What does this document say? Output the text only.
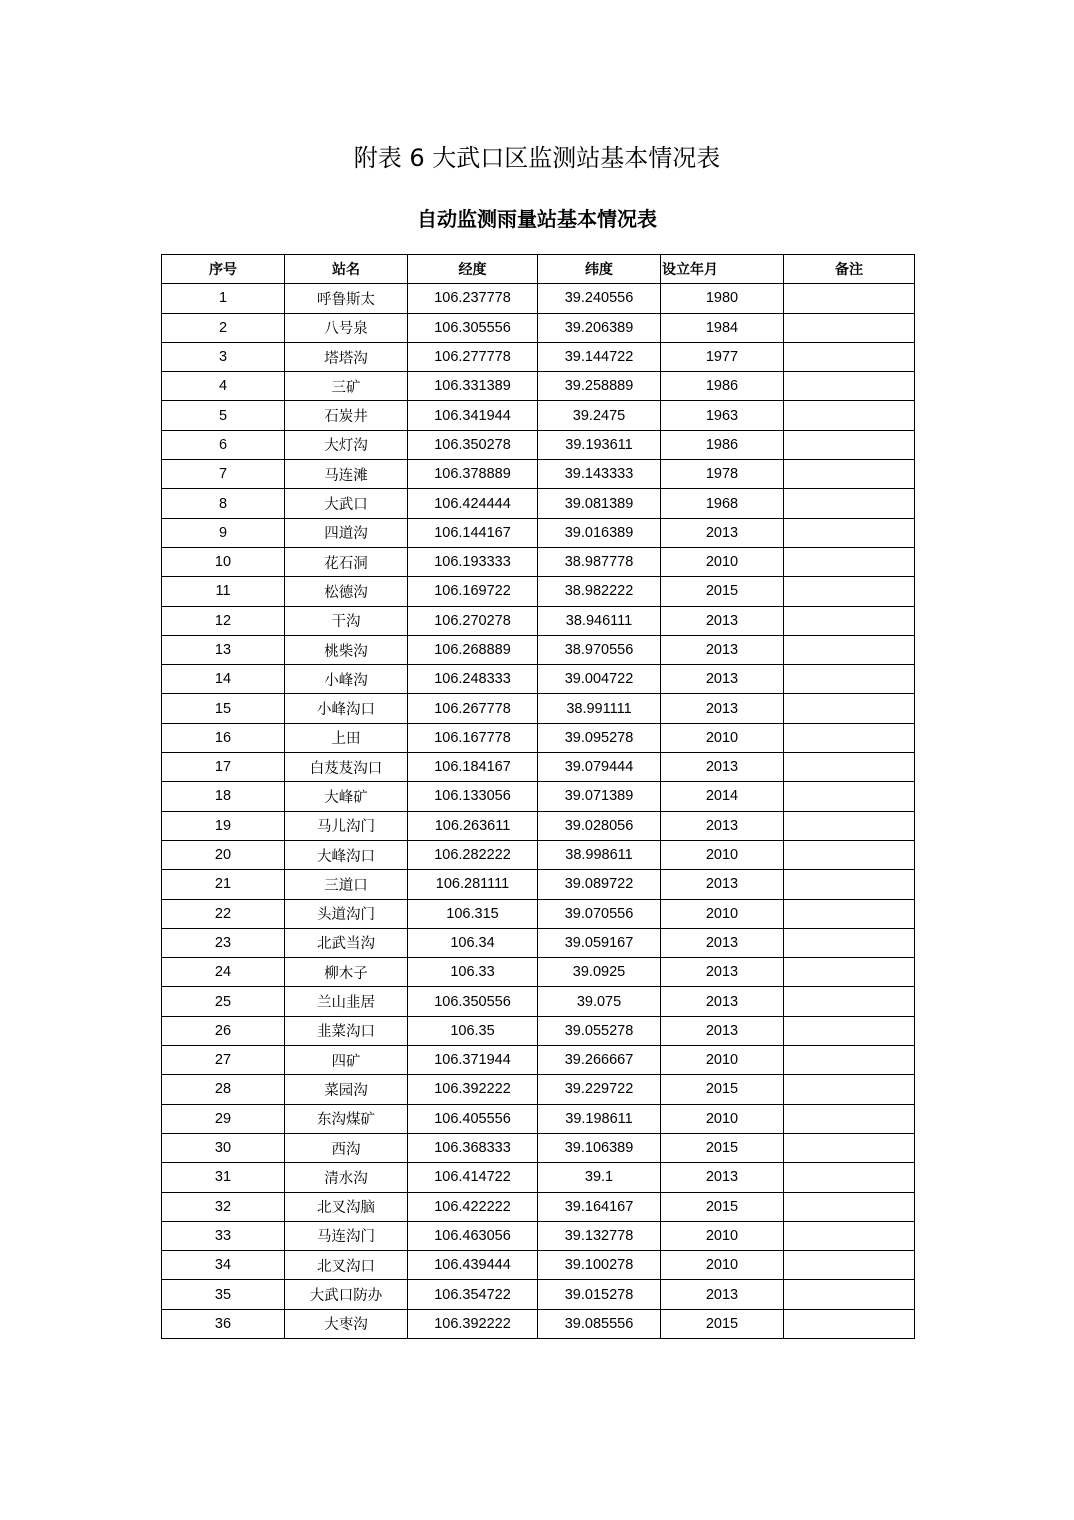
附表 6 大武口区监测站基本情况表
自动监测雨量站基本情况表
序号	站名	经度	纬度	设立年月	备注
1	呼鲁斯太	106.237778	39.240556	1980	
2	八号泉	106.305556	39.206389	1984	
3	塔塔沟	106.277778	39.144722	1977	
4	三矿	106.331389	39.258889	1986	
5	石炭井	106.341944	39.2475	1963	
6	大灯沟	106.350278	39.193611	1986	
7	马连滩	106.378889	39.143333	1978	
8	大武口	106.424444	39.081389	1968	
9	四道沟	106.144167	39.016389	2013	
10	花石洞	106.193333	38.987778	2010	
11	松德沟	106.169722	38.982222	2015	
12	干沟	106.270278	38.946111	2013	
13	桃柴沟	106.268889	38.970556	2013	
14	小峰沟	106.248333	39.004722	2013	
15	小峰沟口	106.267778	38.991111	2013	
16	上田	106.167778	39.095278	2010	
17	白芨芨沟口	106.184167	39.079444	2013	
18	大峰矿	106.133056	39.071389	2014	
19	马儿沟门	106.263611	39.028056	2013	
20	大峰沟口	106.282222	38.998611	2010	
21	三道口	106.281111	39.089722	2013	
22	头道沟门	106.315	39.070556	2010	
23	北武当沟	106.34	39.059167	2013	
24	柳木子	106.33	39.0925	2013	
25	兰山韭居	106.350556	39.075	2013	
26	韭菜沟口	106.35	39.055278	2013	
27	四矿	106.371944	39.266667	2010	
28	菜园沟	106.392222	39.229722	2015	
29	东沟煤矿	106.405556	39.198611	2010	
30	西沟	106.368333	39.106389	2015	
31	清水沟	106.414722	39.1	2013	
32	北叉沟脑	106.422222	39.164167	2015	
33	马连沟门	106.463056	39.132778	2010	
34	北叉沟口	106.439444	39.100278	2010	
35	大武口防办	106.354722	39.015278	2013	
36	大枣沟	106.392222	39.085556	2015	
